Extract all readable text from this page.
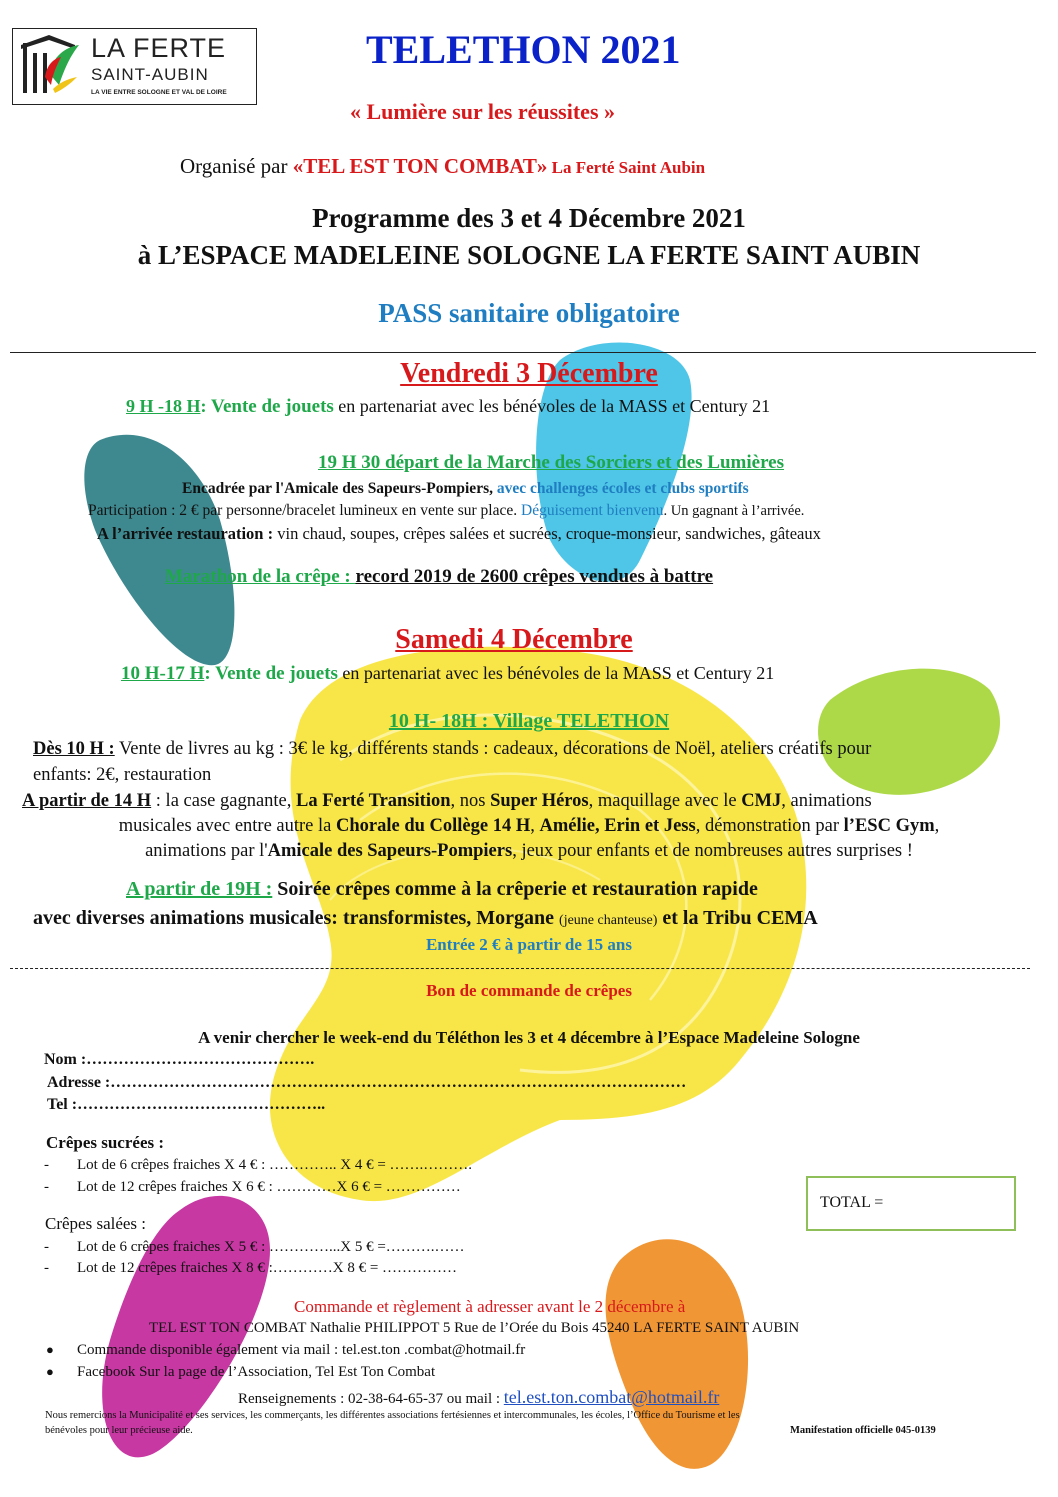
LA FERTE
SAINT-AUBIN
LA VIE ENTRE SOLOGNE ET VAL DE LOIRE
TELETHON 2021
« Lumière sur les réussites »
Organisé par «TEL EST TON COMBAT» La Ferté Saint Aubin
Programme des 3 et 4 Décembre 2021
à L’ESPACE MADELEINE SOLOGNE LA FERTE SAINT AUBIN
PASS sanitaire obligatoire
Vendredi 3 Décembre
9 H -18 H: Vente de jouets en partenariat avec les bénévoles de la MASS et Century 21
19 H 30 départ de la Marche des Sorciers et des Lumières
Encadrée par l'Amicale des Sapeurs-Pompiers, avec challenges écoles et clubs sportifs
Participation : 2 € par personne/bracelet lumineux en vente sur place. Déguisement bienvenu. Un gagnant à l’arrivée.
A l’arrivée restauration : vin chaud, soupes, crêpes salées et sucrées, croque-monsieur, sandwiches, gâteaux
Marathon de la crêpe : record 2019 de 2600 crêpes vendues à battre
Samedi 4 Décembre
10 H-17 H: Vente de jouets en partenariat avec les bénévoles de la MASS et Century 21
10 H- 18H : Village TELETHON
Dès 10 H : Vente de livres au kg : 3€ le kg, différents stands : cadeaux, décorations de Noël, ateliers créatifs pour
enfants: 2€, restauration
A partir de 14 H : la case gagnante, La Ferté Transition, nos Super Héros, maquillage avec le CMJ, animations
musicales avec entre autre la Chorale du Collège 14 H, Amélie, Erin et Jess, démonstration par l’ESC Gym,
animations par l'Amicale des Sapeurs-Pompiers, jeux pour enfants et de nombreuses autres surprises !
A partir de 19H : Soirée crêpes comme à la crêperie et restauration rapide
avec diverses animations musicales: transformistes, Morgane (jeune chanteuse) et la Tribu CEMA
Entrée 2 € à partir de 15 ans
Bon de commande de crêpes
A venir chercher le week-end du Téléthon les 3 et 4 décembre à l’Espace Madeleine Sologne
Nom :…………………………………….
Adresse :………………………………………………………………………………………………
Tel :………………………………………..
Crêpes sucrées :
- Lot de 6 crêpes fraiches X 4 € : ………….. X 4 € = …….……….
- Lot de 12 crêpes fraiches X 6 € : …………X 6 € = ……………
TOTAL =
Crêpes salées :
- Lot de 6 crêpes fraiches X 5 € : …………...X 5 € =……….……
- Lot de 12 crêpes fraiches X 8 € :…………X 8 € = ……………
Commande et règlement à adresser avant le 2 décembre à
TEL EST TON COMBAT Nathalie PHILIPPOT 5 Rue de l’Orée du Bois 45240 LA FERTE SAINT AUBIN
● Commande disponible également via mail : tel.est.ton .combat@hotmail.fr
● Facebook Sur la page de l’Association, Tel Est Ton Combat
Renseignements : 02-38-64-65-37 ou mail : tel.est.ton.combat@hotmail.fr
Nous remercions la Municipalité et ses services, les commerçants, les différentes associations fertésiennes et intercommunales, les écoles, l’Office du Tourisme et les
bénévoles pour leur précieuse aide.	Manifestation officielle 045-0139
